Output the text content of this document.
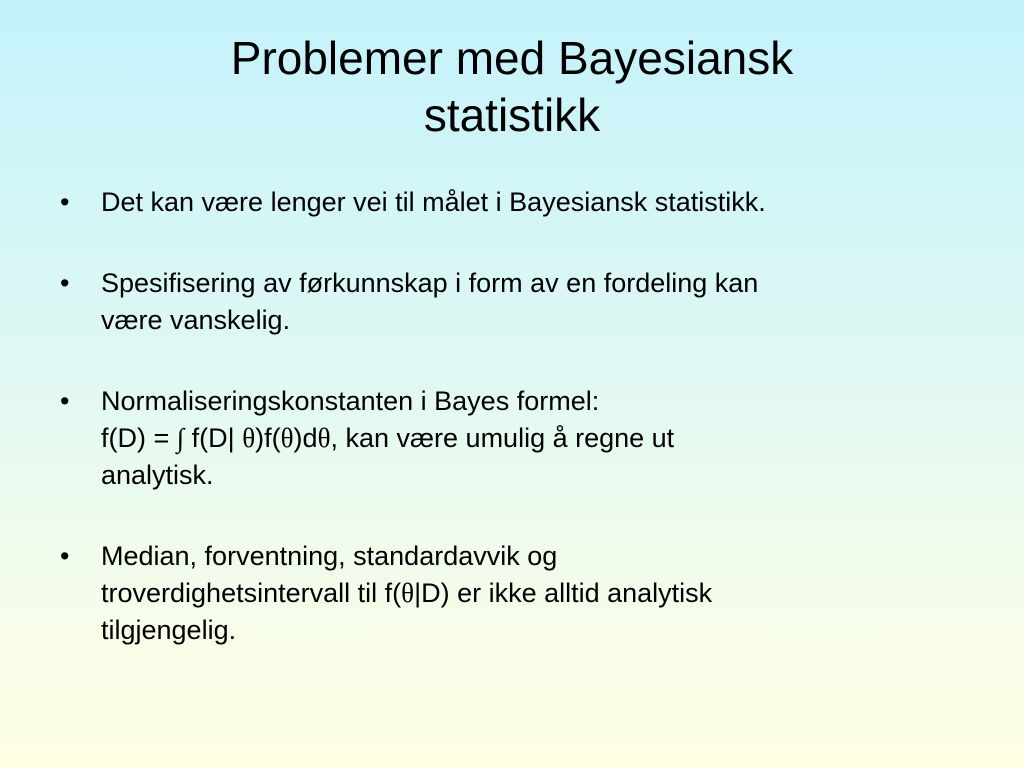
Problemer med Bayesiansk
statistikk
• Det kan være lenger vei til målet i Bayesiansk statistikk.
• Spesifisering av førkunnskap i form av en fordeling kan
være vanskelig.
• Normaliseringskonstanten i Bayes formel:
f(D) = ∫ f(D| θ)f(θ)dθ, kan være umulig å regne ut
analytisk.
• Median, forventning, standardavvik og
troverdighetsintervall til f(θ|D) er ikke alltid analytisk
tilgjengelig.
